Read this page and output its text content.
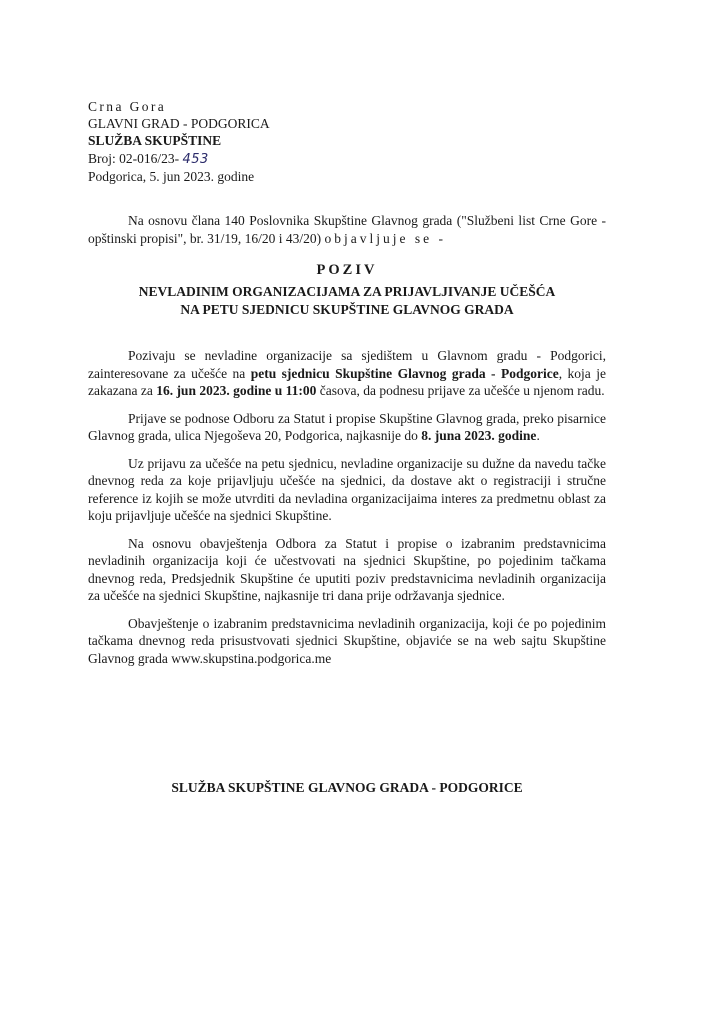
Crna Gora
GLAVNI GRAD - PODGORICA
SLUŽBA SKUPŠTINE
Broj: 02-016/23- 453
Podgorica, 5. jun 2023. godine
Na osnovu člana 140 Poslovnika Skupštine Glavnog grada ("Službeni list Crne Gore - opštinski propisi", br. 31/19, 16/20 i 43/20) objavljuje se -
POZIV
NEVLADINIM ORGANIZACIJAMA ZA PRIJAVLJIVANJE UČEŠĆA
NA PETU SJEDNICU SKUPŠTINE GLAVNOG GRADA

Pozivaju se nevladine organizacije sa sjedištem u Glavnom gradu - Podgorici, zainteresovane za učešće na petu sjednicu Skupštine Glavnog grada - Podgorice, koja je zakazana za 16. jun 2023. godine u 11:00 časova, da podnesu prijave za učešće u njenom radu.

Prijave se podnose Odboru za Statut i propise Skupštine Glavnog grada, preko pisarnice Glavnog grada, ulica Njegoševa 20, Podgorica, najkasnije do 8. juna 2023. godine.

Uz prijavu za učešće na petu sjednicu, nevladine organizacije su dužne da navedu tačke dnevnog reda za koje prijavljuju učešće na sjednici, da dostave akt o registraciji i stručne reference iz kojih se može utvrditi da nevladina organizacijaima interes za predmetnu oblast za koju prijavljuje učešće na sjednici Skupštine.

Na osnovu obavještenja Odbora za Statut i propise o izabranim predstavnicima nevladinih organizacija koji će učestvovati na sjednici Skupštine, po pojedinim tačkama dnevnog reda, Predsjednik Skupštine će uputiti poziv predstavnicima nevladinih organizacija za učešće na sjednici Skupštine, najkasnije tri dana prije održavanja sjednice.

Obavještenje o izabranim predstavnicima nevladinih organizacija, koji će po pojedinim tačkama dnevnog reda prisustvovati sjednici Skupštine, objaviće se na web sajtu Skupštine Glavnog grada www.skupstina.podgorica.me

SLUŽBA SKUPŠTINE GLAVNOG GRADA - PODGORICE
